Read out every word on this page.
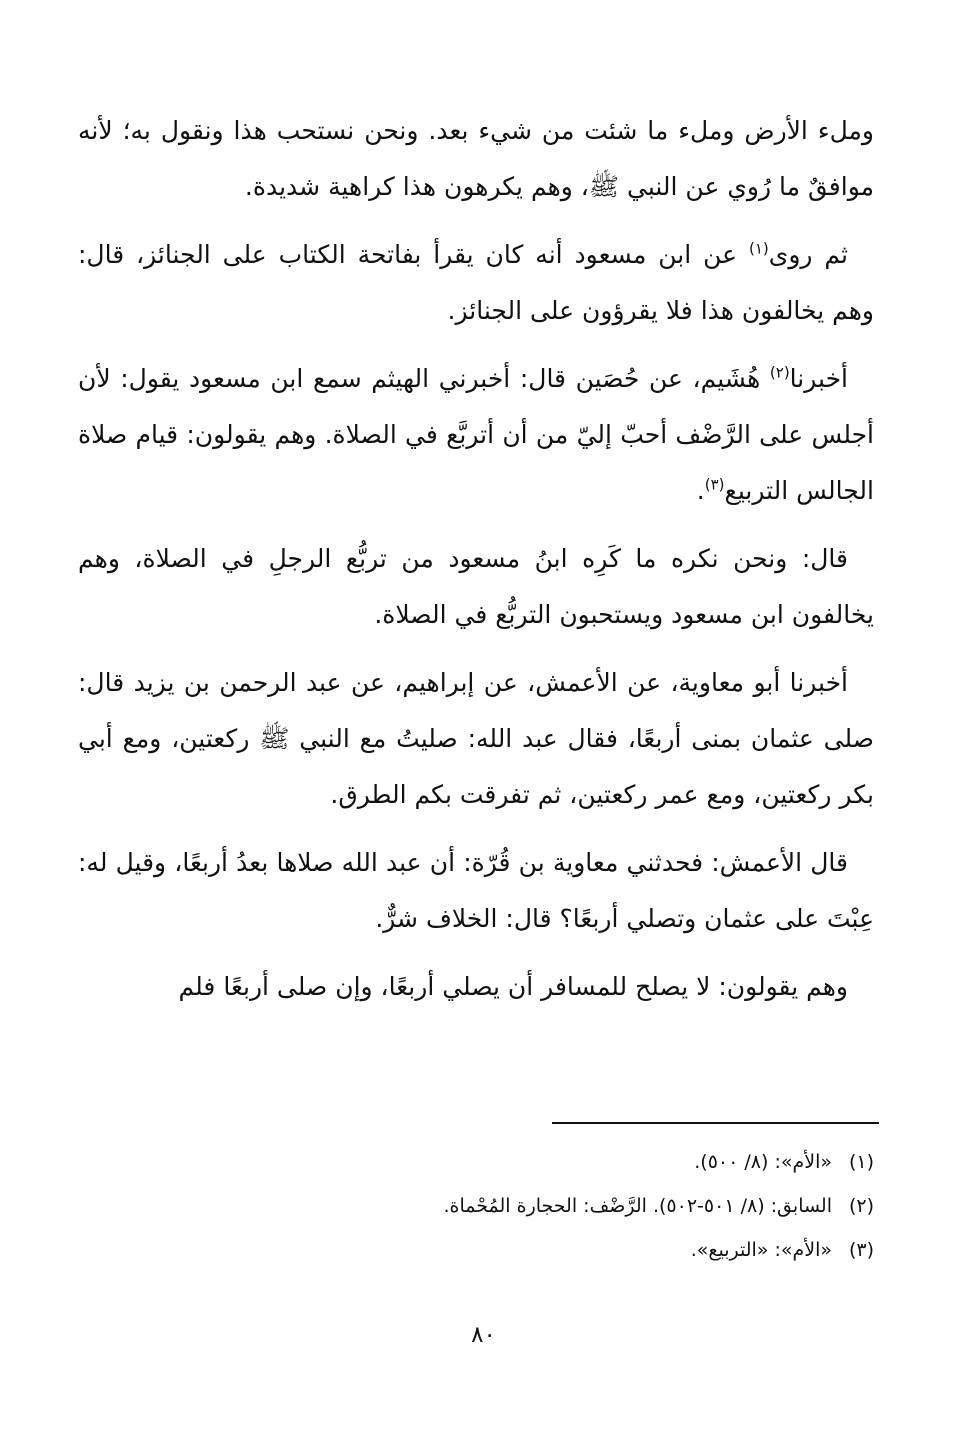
وملء الأرض وملء ما شئت من شيء بعد. ونحن نستحب هذا ونقول به؛ لأنه موافقٌ ما رُوي عن النبي ﷺ، وهم يكرهون هذا كراهية شديدة.

ثم روى$^{(١)}$ عن ابن مسعود أنه كان يقرأ بفاتحة الكتاب على الجنائز، قال: وهم يخالفون هذا فلا يقرؤون على الجنائز.

أخبرنا$^{(٢)}$ هُشَيم، عن حُصَين قال: أخبرني الهيثم سمع ابن مسعود يقول: لأن أجلس على الرَّضْف أحبّ إليّ من أن أتربَّع في الصلاة. وهم يقولون: قيام صلاة الجالس التربيع$^{(٣)}$.

قال: ونحن نكره ما كَرِه ابنُ مسعود من تربُّع الرجلِ في الصلاة، وهم يخالفون ابن مسعود ويستحبون التربُّع في الصلاة.

أخبرنا أبو معاوية، عن الأعمش، عن إبراهيم، عن عبد الرحمن بن يزيد قال: صلى عثمان بمنى أربعًا، فقال عبد الله: صليتُ مع النبي ﷺ ركعتين، ومع أبي بكر ركعتين، ومع عمر ركعتين، ثم تفرقت بكم الطرق.

قال الأعمش: فحدثني معاوية بن قُرّة: أن عبد الله صلاها بعدُ أربعًا، وقيل له: عِبْتَ على عثمان وتصلي أربعًا؟ قال: الخلاف شرٌّ.

وهم يقولون: لا يصلح للمسافر أن يصلي أربعًا، وإن صلى أربعًا فلم

(١)«الأم»: (٨/ ٥٠٠).

(٢)السابق: (٨/ ٥٠١-٥٠٢). الرَّضْف: الحجارة المُحْماة.

(٣)«الأم»: «التربيع».

٨٠
